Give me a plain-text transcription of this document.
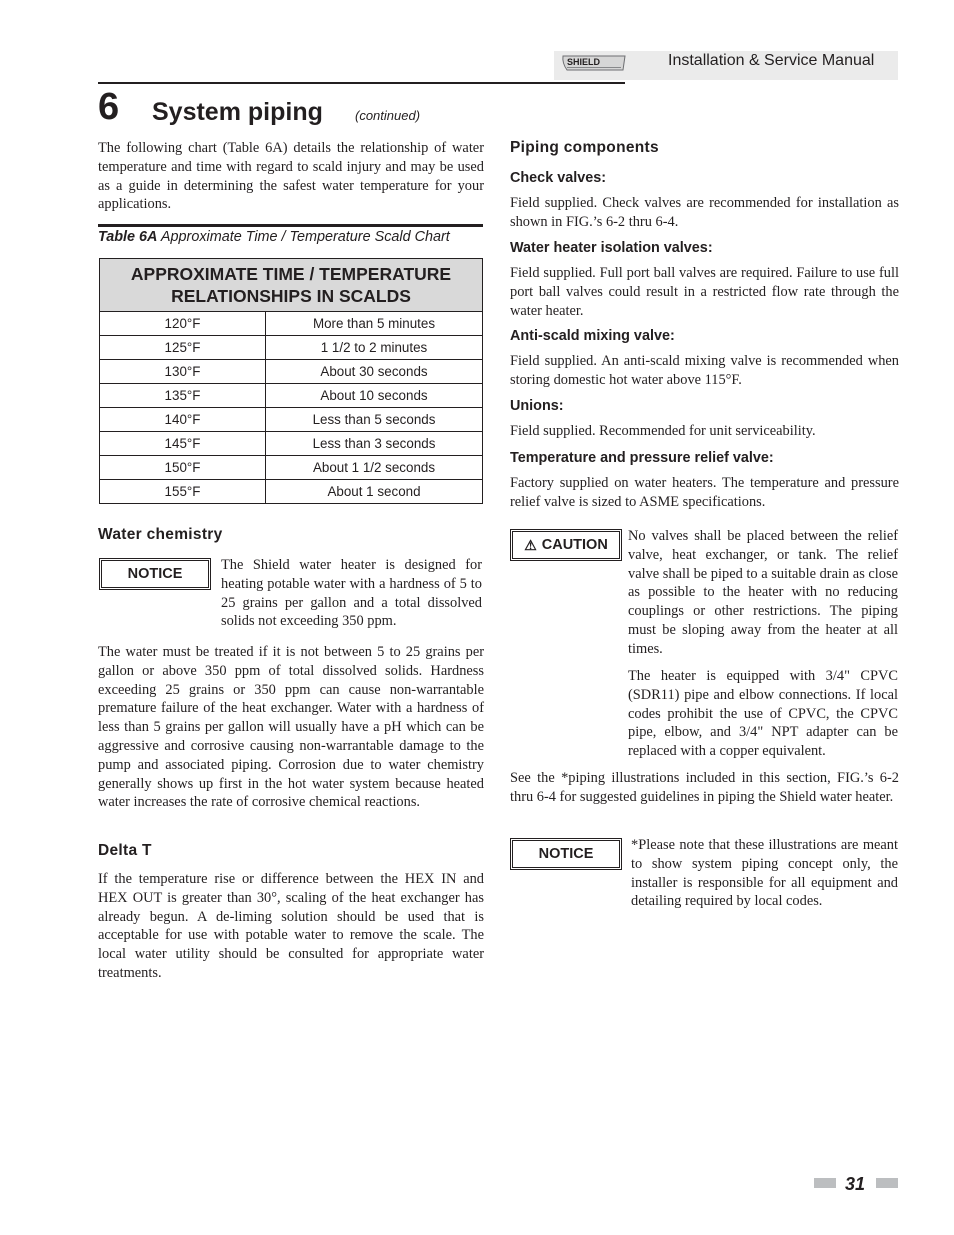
SHIELD	Installation & Service Manual
6 System piping (continued)
The following chart (Table 6A) details the relationship of water temperature and time with regard to scald injury and may be used as a guide in determining the safest water temperature for your applications.
Table 6A Approximate Time / Temperature Scald Chart
APPROXIMATE TIME / TEMPERATURE
RELATIONSHIPS IN SCALDS	
120°F	More than 5 minutes
125°F	1 1/2 to 2 minutes
130°F	About 30 seconds
135°F	About 10 seconds
140°F	Less than 5 seconds
145°F	Less than 3 seconds
150°F	About 1 1/2 seconds
155°F	About 1 second
Water chemistry
NOTICE
The Shield water heater is designed for heating potable water with a hardness of 5 to 25 grains per gallon and a total dissolved solids not exceeding 350 ppm.
The water must be treated if it is not between 5 to 25 grains per gallon or above 350 ppm of total dissolved solids. Hardness exceeding 25 grains or 350 ppm can cause non-warrantable premature failure of the heat exchanger. Water with a hardness of less than 5 grains per gallon will usually have a pH which can be aggressive and corrosive causing non-warrantable damage to the pump and associated piping. Corrosion due to water chemistry generally shows up first in the hot water system because heated water increases the rate of corrosive chemical reactions.
Delta T
If the temperature rise or difference between the HEX IN and HEX OUT is greater than 30°, scaling of the heat exchanger has already begun. A de-liming solution should be used that is acceptable for use with potable water to remove the scale. The local water utility should be consulted for appropriate water treatments.
Piping components
Check valves:
Field supplied. Check valves are recommended for installation as shown in FIG.’s 6-2 thru 6-4.
Water heater isolation valves:
Field supplied. Full port ball valves are required. Failure to use full port ball valves could result in a restricted flow rate through the water heater.
Anti-scald mixing valve:
Field supplied. An anti-scald mixing valve is recommended when storing domestic hot water above 115°F.
Unions:
Field supplied. Recommended for unit serviceability.
Temperature and pressure relief valve:
Factory supplied on water heaters. The temperature and pressure relief valve is sized to ASME specifications.
⚠ CAUTION
No valves shall be placed between the relief valve, heat exchanger, or tank. The relief valve shall be piped to a suitable drain as close as possible to the heater with no reducing couplings or other restrictions. The piping must be sloping away from the heater at all times.
The heater is equipped with 3/4" CPVC (SDR11) pipe and elbow connections. If local codes prohibit the use of CPVC, the CPVC pipe, elbow, and 3/4" NPT adapter can be replaced with a copper equivalent.
See the *piping illustrations included in this section, FIG.’s 6-2 thru 6-4 for suggested guidelines in piping the Shield water heater.
NOTICE
*Please note that these illustrations are meant to show system piping concept only, the installer is responsible for all equipment and detailing required by local codes.
31
